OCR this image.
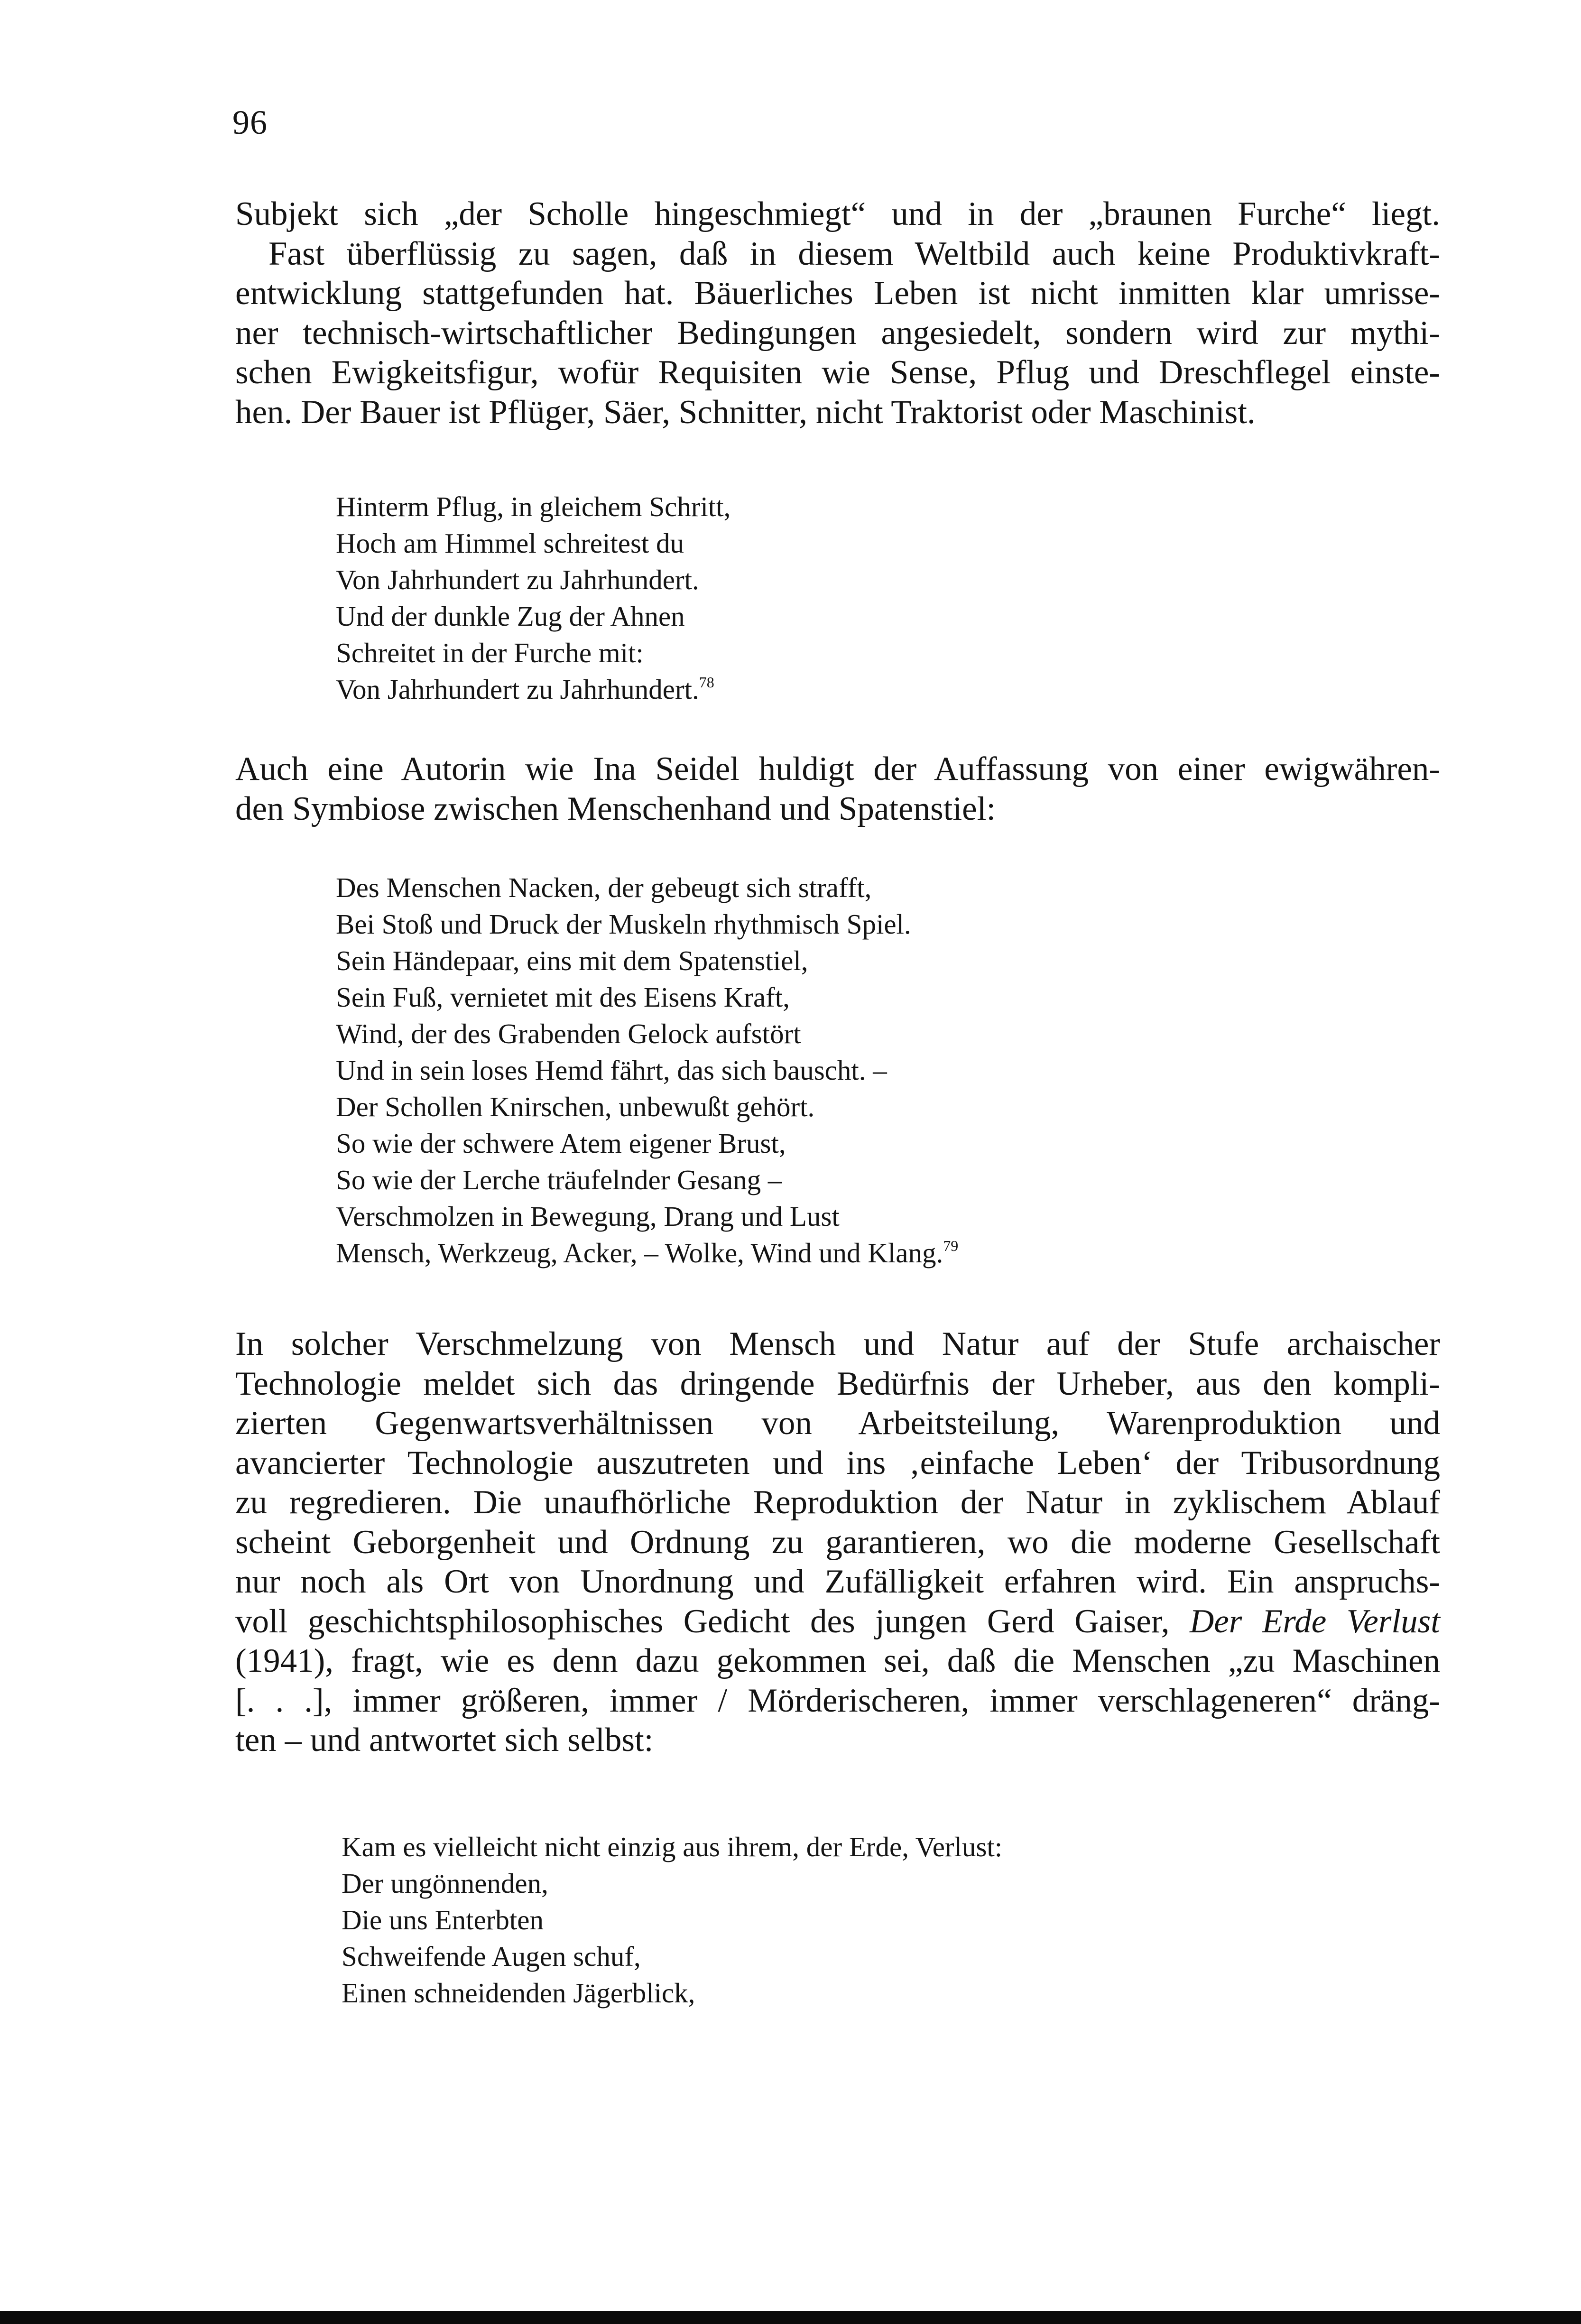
96
Subjekt sich „der Scholle hingeschmiegt“ und in der „braunen Furche“ liegt.
Fast überflüssig zu sagen, daß in diesem Weltbild auch keine Produktivkraft-
entwicklung stattgefunden hat. Bäuerliches Leben ist nicht inmitten klar umrisse-
ner technisch-wirtschaftlicher Bedingungen angesiedelt, sondern wird zur mythi-
schen Ewigkeitsfigur, wofür Requisiten wie Sense, Pflug und Dreschflegel einste-
hen. Der Bauer ist Pflüger, Säer, Schnitter, nicht Traktorist oder Maschinist.
Hinterm Pflug, in gleichem Schritt,
Hoch am Himmel schreitest du
Von Jahrhundert zu Jahrhundert.
Und der dunkle Zug der Ahnen
Schreitet in der Furche mit:
Von Jahrhundert zu Jahrhundert.$^{78}$
Auch eine Autorin wie Ina Seidel huldigt der Auffassung von einer ewigwähren-
den Symbiose zwischen Menschenhand und Spatenstiel:
Des Menschen Nacken, der gebeugt sich strafft,
Bei Stoß und Druck der Muskeln rhythmisch Spiel.
Sein Händepaar, eins mit dem Spatenstiel,
Sein Fuß, vernietet mit des Eisens Kraft,
Wind, der des Grabenden Gelock aufstört
Und in sein loses Hemd fährt, das sich bauscht. –
Der Schollen Knirschen, unbewußt gehört.
So wie der schwere Atem eigener Brust,
So wie der Lerche träufelnder Gesang –
Verschmolzen in Bewegung, Drang und Lust
Mensch, Werkzeug, Acker, – Wolke, Wind und Klang.$^{79}$
In solcher Verschmelzung von Mensch und Natur auf der Stufe archaischer
Technologie meldet sich das dringende Bedürfnis der Urheber, aus den kompli-
zierten Gegenwartsverhältnissen von Arbeitsteilung, Warenproduktion und
avancierter Technologie auszutreten und ins ‚einfache Leben‘ der Tribusordnung
zu regredieren. Die unaufhörliche Reproduktion der Natur in zyklischem Ablauf
scheint Geborgenheit und Ordnung zu garantieren, wo die moderne Gesellschaft
nur noch als Ort von Unordnung und Zufälligkeit erfahren wird. Ein anspruchs-
voll geschichtsphilosophisches Gedicht des jungen Gerd Gaiser, Der Erde Verlust
(1941), fragt, wie es denn dazu gekommen sei, daß die Menschen „zu Maschinen
[. . .], immer größeren, immer / Mörderischeren, immer verschlageneren“ dräng-
ten – und antwortet sich selbst:
Kam es vielleicht nicht einzig aus ihrem, der Erde, Verlust:
Der ungönnenden,
Die uns Enterbten
Schweifende Augen schuf,
Einen schneidenden Jägerblick,
